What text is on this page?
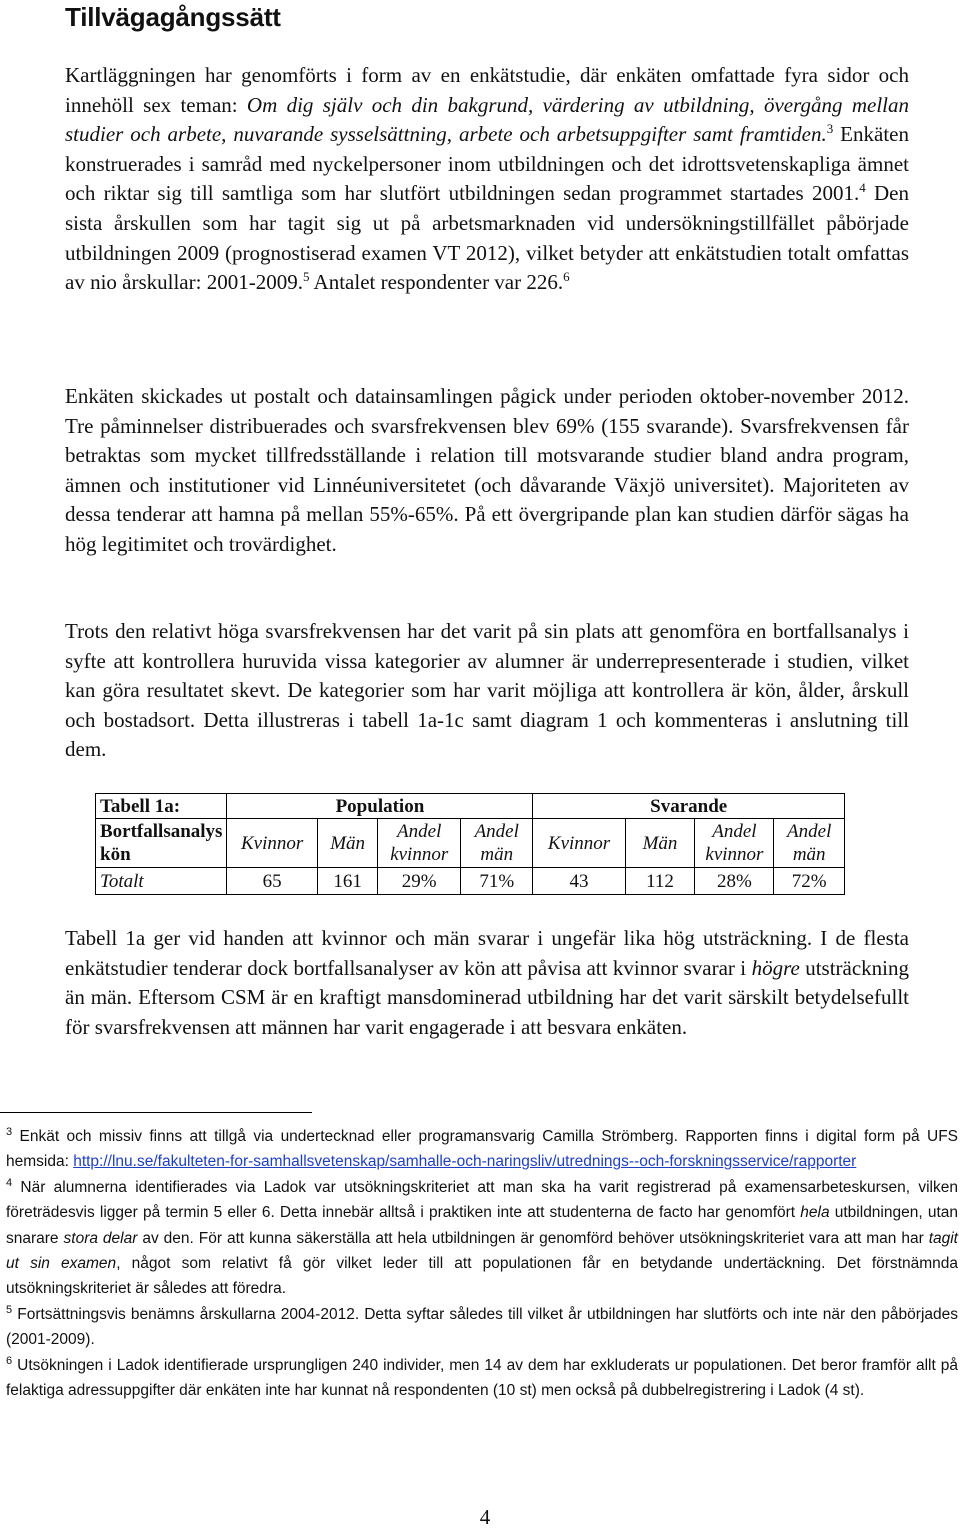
Tillvägagångssätt

Kartläggningen har genomförts i form av en enkätstudie, där enkäten omfattade fyra sidor och innehöll sex teman: Om dig själv och din bakgrund, värdering av utbildning, övergång mellan studier och arbete, nuvarande sysselsättning, arbete och arbetsuppgifter samt framtiden.$^3$ Enkäten konstruerades i samråd med nyckelpersoner inom utbildningen och det idrottsvetenskapliga ämnet och riktar sig till samtliga som har slutfört utbildningen sedan programmet startades 2001.$^4$ Den sista årskullen som har tagit sig ut på arbetsmarknaden vid undersökningstillfället påbörjade utbildningen 2009 (prognostiserad examen VT 2012), vilket betyder att enkätstudien totalt omfattas av nio årskullar: 2001-2009.$^5$ Antalet respondenter var 226.$^6$

Enkäten skickades ut postalt och datainsamlingen pågick under perioden oktober-november 2012. Tre påminnelser distribuerades och svarsfrekvensen blev 69% (155 svarande). Svarsfrekvensen får betraktas som mycket tillfredsställande i relation till motsvarande studier bland andra program, ämnen och institutioner vid Linnéuniversitetet (och dåvarande Växjö universitet). Majoriteten av dessa tenderar att hamna på mellan 55%-65%. På ett övergripande plan kan studien därför sägas ha hög legitimitet och trovärdighet.

Trots den relativt höga svarsfrekvensen har det varit på sin plats att genomföra en bortfallsanalys i syfte att kontrollera huruvida vissa kategorier av alumner är underrepresenterade i studien, vilket kan göra resultatet skevt. De kategorier som har varit möjliga att kontrollera är kön, ålder, årskull och bostadsort. Detta illustreras i tabell 1a-1c samt diagram 1 och kommenteras i anslutning till dem.

Tabell 1a:	Population				Svarande			
Bortfallsanalys kön	Kvinnor	Män	Andel kvinnor	Andel män	Kvinnor	Män	Andel kvinnor	Andel män
Totalt	65	161	29%	71%	43	112	28%	72%

Tabell 1a ger vid handen att kvinnor och män svarar i ungefär lika hög utsträckning. I de flesta enkätstudier tenderar dock bortfallsanalyser av kön att påvisa att kvinnor svarar i högre utsträckning än män. Eftersom CSM är en kraftigt mansdominerad utbildning har det varit särskilt betydelsefullt för svarsfrekvensen att männen har varit engagerade i att besvara enkäten.

$^3$ Enkät och missiv finns att tillgå via undertecknad eller programansvarig Camilla Strömberg. Rapporten finns i digital form på UFS hemsida: http://lnu.se/fakulteten-for-samhallsvetenskap/samhalle-och-naringsliv/utrednings--och-forskningsservice/rapporter

$^4$ När alumnerna identifierades via Ladok var utsökningskriteriet att man ska ha varit registrerad på examensarbeteskursen, vilken företrädesvis ligger på termin 5 eller 6. Detta innebär alltså i praktiken inte att studenterna de facto har genomfört hela utbildningen, utan snarare stora delar av den. För att kunna säkerställa att hela utbildningen är genomförd behöver utsökningskriteriet vara att man har tagit ut sin examen, något som relativt få gör vilket leder till att populationen får en betydande undertäckning. Det förstnämnda utsökningskriteriet är således att föredra.

$^5$ Fortsättningsvis benämns årskullarna 2004-2012. Detta syftar således till vilket år utbildningen har slutförts och inte när den påbörjades (2001-2009).

$^6$ Utsökningen i Ladok identifierade ursprungligen 240 individer, men 14 av dem har exkluderats ur populationen. Det beror framför allt på felaktiga adressuppgifter där enkäten inte har kunnat nå respondenten (10 st) men också på dubbelregistrering i Ladok (4 st).

4
